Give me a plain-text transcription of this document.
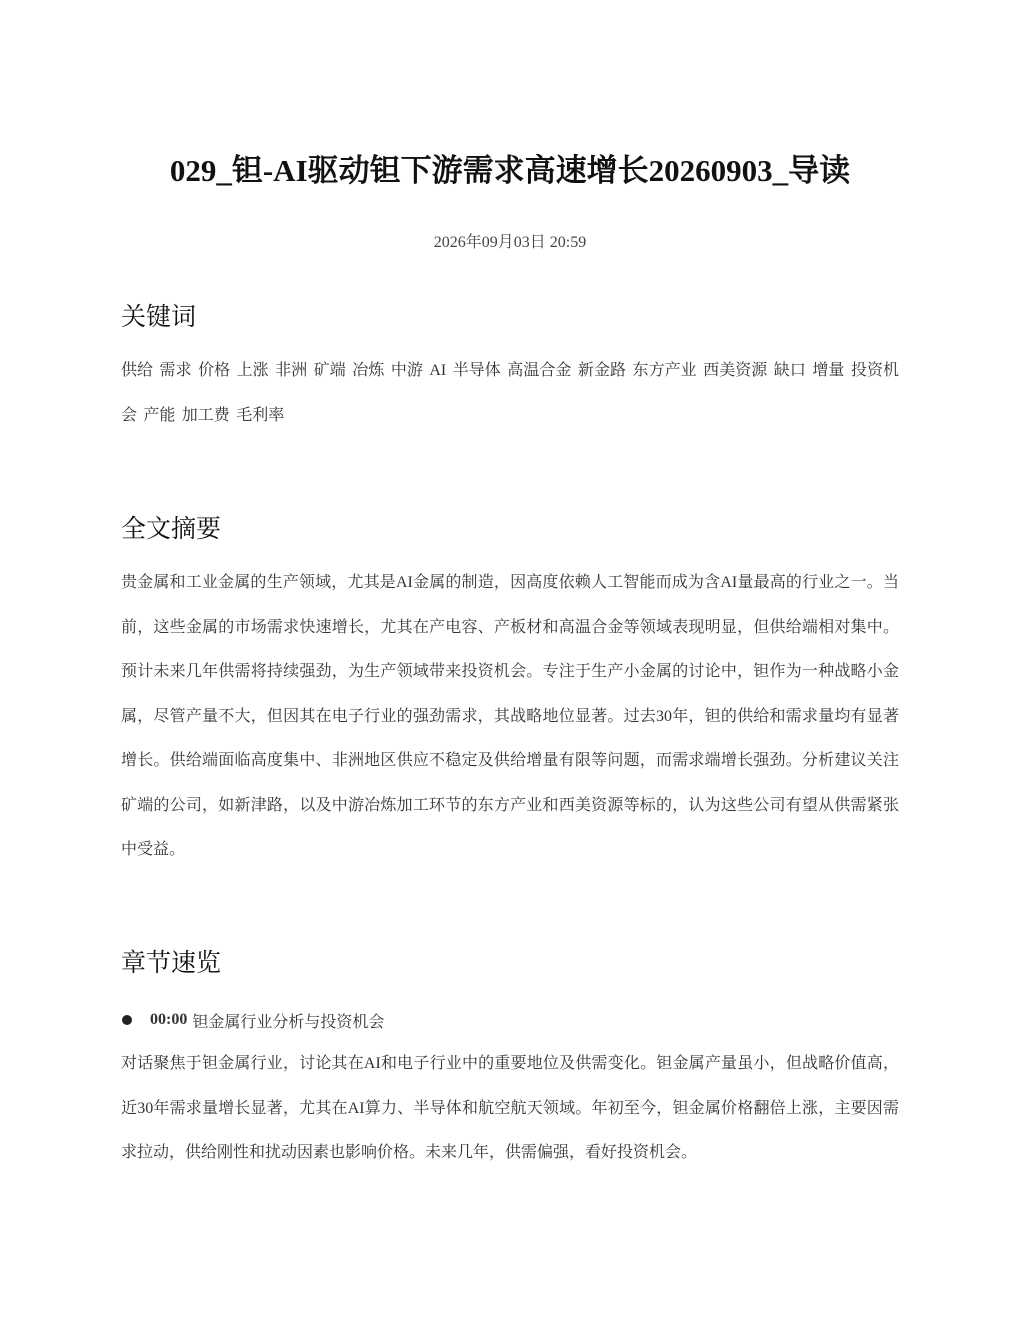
029_钽-AI驱动钽下游需求高速增长20260903_导读
2026年09月03日 20:59
关键词

供给 需求 价格 上涨 非洲 矿端 冶炼 中游 AI 半导体 高温合金 新金路 东方产业 西美资源 缺口 增量 投资机会 产能 加工费 毛利率

全文摘要

贵金属和工业金属的生产领域，尤其是AI金属的制造，因高度依赖人工智能而成为含AI量最高的行业之一。当前，这些金属的市场需求快速增长，尤其在产电容、产板材和高温合金等领域表现明显，但供给端相对集中。预计未来几年供需将持续强劲，为生产领域带来投资机会。专注于生产小金属的讨论中，钽作为一种战略小金属，尽管产量不大，但因其在电子行业的强劲需求，其战略地位显著。过去30年，钽的供给和需求量均有显著增长。供给端面临高度集中、非洲地区供应不稳定及供给增量有限等问题，而需求端增长强劲。分析建议关注矿端的公司，如新津路，以及中游冶炼加工环节的东方产业和西美资源等标的，认为这些公司有望从供需紧张中受益。

章节速览
00:00 钽金属行业分析与投资机会

对话聚焦于钽金属行业，讨论其在AI和电子行业中的重要地位及供需变化。钽金属产量虽小，但战略价值高，近30年需求量增长显著，尤其在AI算力、半导体和航空航天领域。年初至今，钽金属价格翻倍上涨，主要因需求拉动，供给刚性和扰动因素也影响价格。未来几年，供需偏强，看好投资机会。
